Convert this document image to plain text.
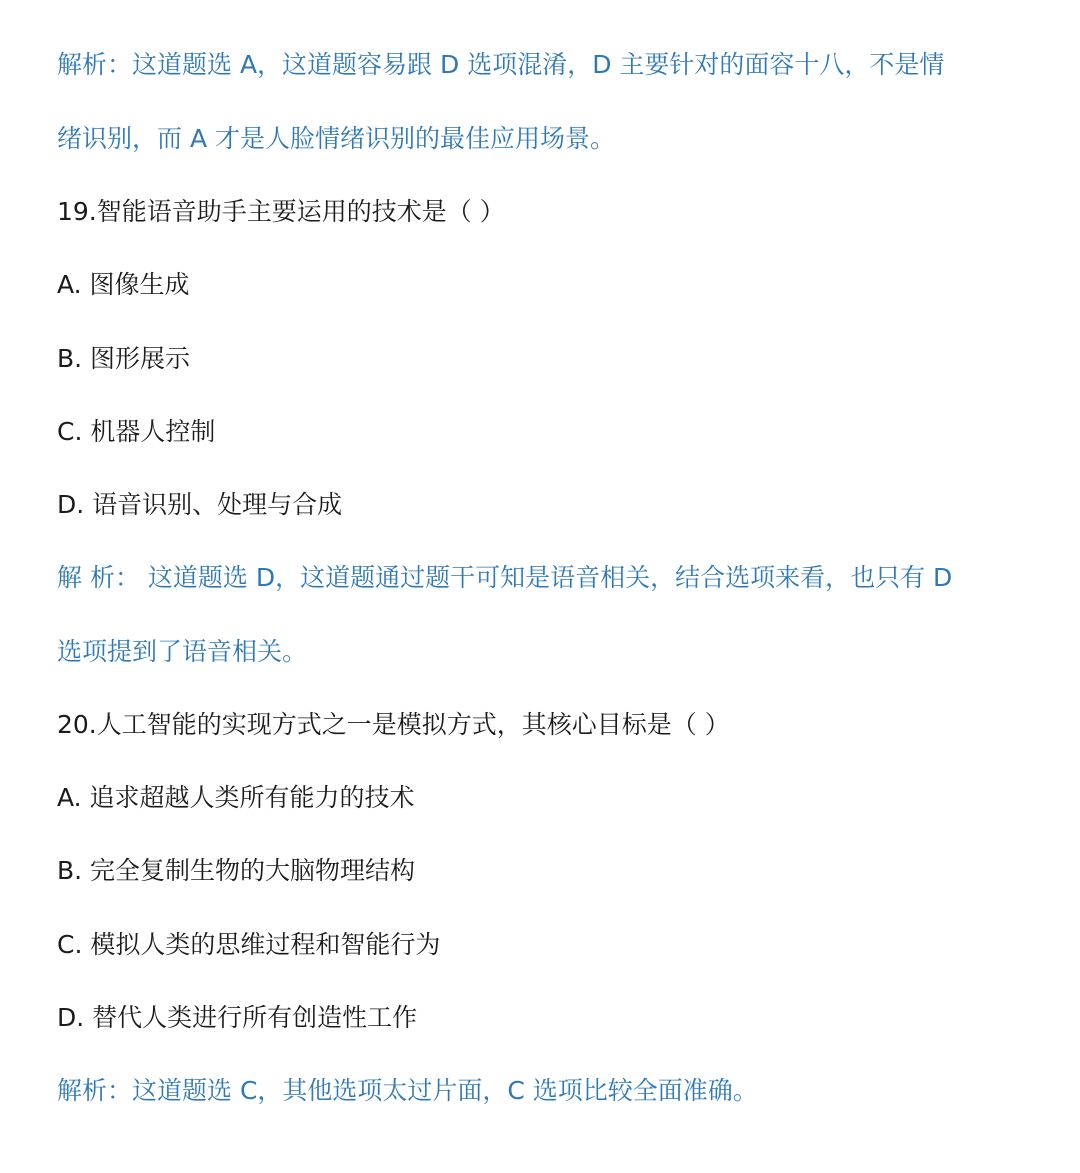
解析：这道题选 A，这道题容易跟 D 选项混淆，D 主要针对的面容十八，不是情
绪识别，而 A 才是人脸情绪识别的最佳应用场景。
19.智能语音助手主要运用的技术是（ ）
A. 图像生成
B. 图形展示
C. 机器人控制
D. 语音识别、处理与合成
解 析： 这道题选 D，这道题通过题干可知是语音相关，结合选项来看，也只有 D
选项提到了语音相关。
20.人工智能的实现方式之一是模拟方式，其核心目标是（ ）
A. 追求超越人类所有能力的技术
B. 完全复制生物的大脑物理结构
C. 模拟人类的思维过程和智能行为
D. 替代人类进行所有创造性工作
解析：这道题选 C，其他选项太过片面，C 选项比较全面准确。
